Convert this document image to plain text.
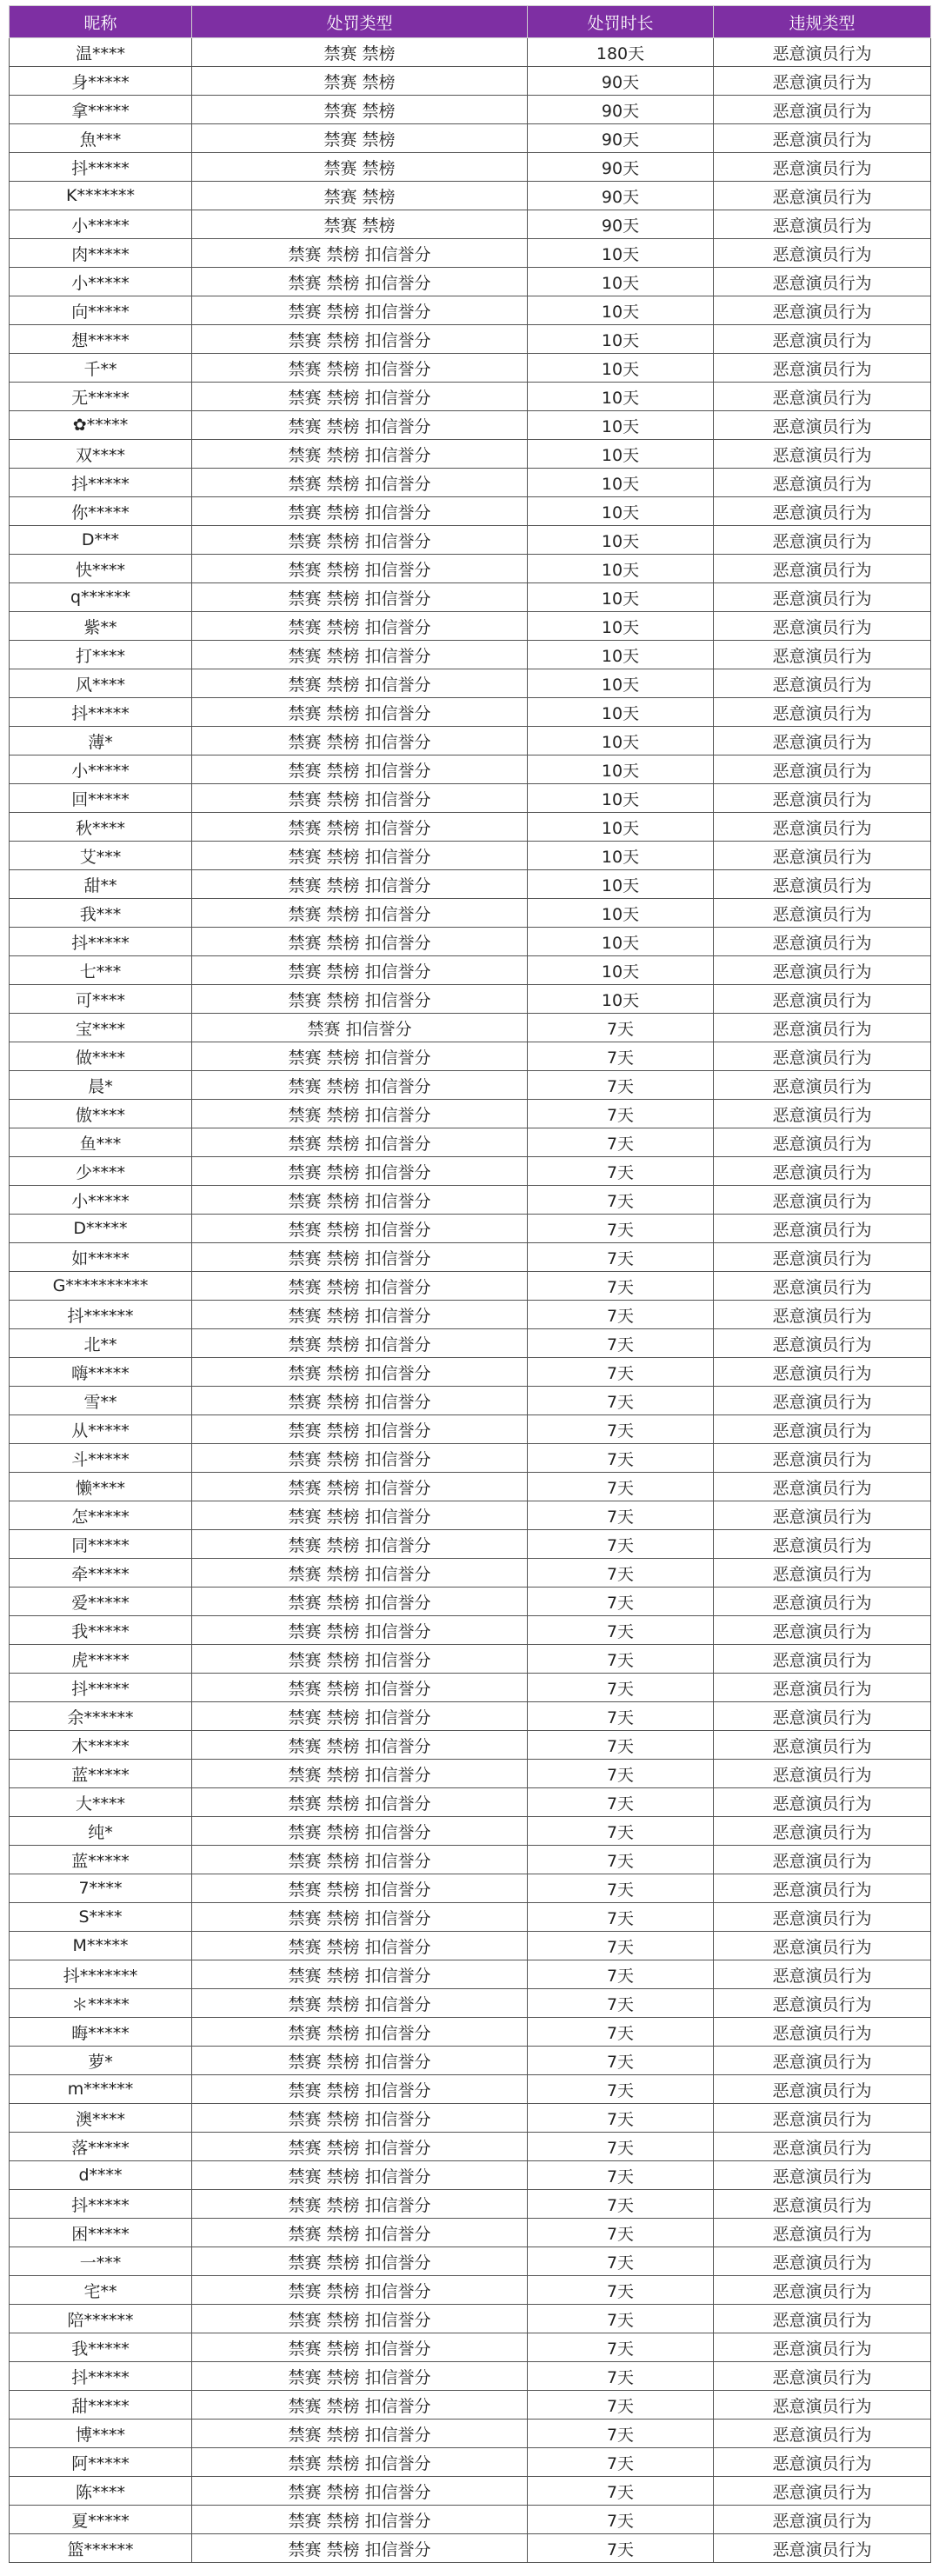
昵称	处罚类型	处罚时长	违规类型
温****	禁赛 禁榜	180天	恶意演员行为
身*****	禁赛 禁榜	90天	恶意演员行为
拿*****	禁赛 禁榜	90天	恶意演员行为
魚***	禁赛 禁榜	90天	恶意演员行为
抖*****	禁赛 禁榜	90天	恶意演员行为
K*******	禁赛 禁榜	90天	恶意演员行为
小*****	禁赛 禁榜	90天	恶意演员行为
肉*****	禁赛 禁榜 扣信誉分	10天	恶意演员行为
小*****	禁赛 禁榜 扣信誉分	10天	恶意演员行为
向*****	禁赛 禁榜 扣信誉分	10天	恶意演员行为
想*****	禁赛 禁榜 扣信誉分	10天	恶意演员行为
千**	禁赛 禁榜 扣信誉分	10天	恶意演员行为
无*****	禁赛 禁榜 扣信誉分	10天	恶意演员行为
✿*****	禁赛 禁榜 扣信誉分	10天	恶意演员行为
双****	禁赛 禁榜 扣信誉分	10天	恶意演员行为
抖*****	禁赛 禁榜 扣信誉分	10天	恶意演员行为
你*****	禁赛 禁榜 扣信誉分	10天	恶意演员行为
D***	禁赛 禁榜 扣信誉分	10天	恶意演员行为
快****	禁赛 禁榜 扣信誉分	10天	恶意演员行为
q******	禁赛 禁榜 扣信誉分	10天	恶意演员行为
紫**	禁赛 禁榜 扣信誉分	10天	恶意演员行为
打****	禁赛 禁榜 扣信誉分	10天	恶意演员行为
风****	禁赛 禁榜 扣信誉分	10天	恶意演员行为
抖*****	禁赛 禁榜 扣信誉分	10天	恶意演员行为
薄*	禁赛 禁榜 扣信誉分	10天	恶意演员行为
小*****	禁赛 禁榜 扣信誉分	10天	恶意演员行为
回*****	禁赛 禁榜 扣信誉分	10天	恶意演员行为
秋****	禁赛 禁榜 扣信誉分	10天	恶意演员行为
艾***	禁赛 禁榜 扣信誉分	10天	恶意演员行为
甜**	禁赛 禁榜 扣信誉分	10天	恶意演员行为
我***	禁赛 禁榜 扣信誉分	10天	恶意演员行为
抖*****	禁赛 禁榜 扣信誉分	10天	恶意演员行为
七***	禁赛 禁榜 扣信誉分	10天	恶意演员行为
可****	禁赛 禁榜 扣信誉分	10天	恶意演员行为
宝****	禁赛 扣信誉分	7天	恶意演员行为
做****	禁赛 禁榜 扣信誉分	7天	恶意演员行为
晨*	禁赛 禁榜 扣信誉分	7天	恶意演员行为
傲****	禁赛 禁榜 扣信誉分	7天	恶意演员行为
鱼***	禁赛 禁榜 扣信誉分	7天	恶意演员行为
少****	禁赛 禁榜 扣信誉分	7天	恶意演员行为
小*****	禁赛 禁榜 扣信誉分	7天	恶意演员行为
D*****	禁赛 禁榜 扣信誉分	7天	恶意演员行为
如*****	禁赛 禁榜 扣信誉分	7天	恶意演员行为
G**********	禁赛 禁榜 扣信誉分	7天	恶意演员行为
抖******	禁赛 禁榜 扣信誉分	7天	恶意演员行为
北**	禁赛 禁榜 扣信誉分	7天	恶意演员行为
嗨*****	禁赛 禁榜 扣信誉分	7天	恶意演员行为
雪**	禁赛 禁榜 扣信誉分	7天	恶意演员行为
从*****	禁赛 禁榜 扣信誉分	7天	恶意演员行为
斗*****	禁赛 禁榜 扣信誉分	7天	恶意演员行为
懒****	禁赛 禁榜 扣信誉分	7天	恶意演员行为
怎*****	禁赛 禁榜 扣信誉分	7天	恶意演员行为
同*****	禁赛 禁榜 扣信誉分	7天	恶意演员行为
牵*****	禁赛 禁榜 扣信誉分	7天	恶意演员行为
爱*****	禁赛 禁榜 扣信誉分	7天	恶意演员行为
我*****	禁赛 禁榜 扣信誉分	7天	恶意演员行为
虎*****	禁赛 禁榜 扣信誉分	7天	恶意演员行为
抖*****	禁赛 禁榜 扣信誉分	7天	恶意演员行为
余******	禁赛 禁榜 扣信誉分	7天	恶意演员行为
木*****	禁赛 禁榜 扣信誉分	7天	恶意演员行为
蓝*****	禁赛 禁榜 扣信誉分	7天	恶意演员行为
大****	禁赛 禁榜 扣信誉分	7天	恶意演员行为
纯*	禁赛 禁榜 扣信誉分	7天	恶意演员行为
蓝*****	禁赛 禁榜 扣信誉分	7天	恶意演员行为
7****	禁赛 禁榜 扣信誉分	7天	恶意演员行为
S****	禁赛 禁榜 扣信誉分	7天	恶意演员行为
M*****	禁赛 禁榜 扣信誉分	7天	恶意演员行为
抖*******	禁赛 禁榜 扣信誉分	7天	恶意演员行为
＊*****	禁赛 禁榜 扣信誉分	7天	恶意演员行为
晦*****	禁赛 禁榜 扣信誉分	7天	恶意演员行为
萝*	禁赛 禁榜 扣信誉分	7天	恶意演员行为
m******	禁赛 禁榜 扣信誉分	7天	恶意演员行为
澳****	禁赛 禁榜 扣信誉分	7天	恶意演员行为
落*****	禁赛 禁榜 扣信誉分	7天	恶意演员行为
d****	禁赛 禁榜 扣信誉分	7天	恶意演员行为
抖*****	禁赛 禁榜 扣信誉分	7天	恶意演员行为
困*****	禁赛 禁榜 扣信誉分	7天	恶意演员行为
一***	禁赛 禁榜 扣信誉分	7天	恶意演员行为
宅**	禁赛 禁榜 扣信誉分	7天	恶意演员行为
陪******	禁赛 禁榜 扣信誉分	7天	恶意演员行为
我*****	禁赛 禁榜 扣信誉分	7天	恶意演员行为
抖*****	禁赛 禁榜 扣信誉分	7天	恶意演员行为
甜*****	禁赛 禁榜 扣信誉分	7天	恶意演员行为
博****	禁赛 禁榜 扣信誉分	7天	恶意演员行为
阿*****	禁赛 禁榜 扣信誉分	7天	恶意演员行为
陈****	禁赛 禁榜 扣信誉分	7天	恶意演员行为
夏*****	禁赛 禁榜 扣信誉分	7天	恶意演员行为
篮******	禁赛 禁榜 扣信誉分	7天	恶意演员行为
